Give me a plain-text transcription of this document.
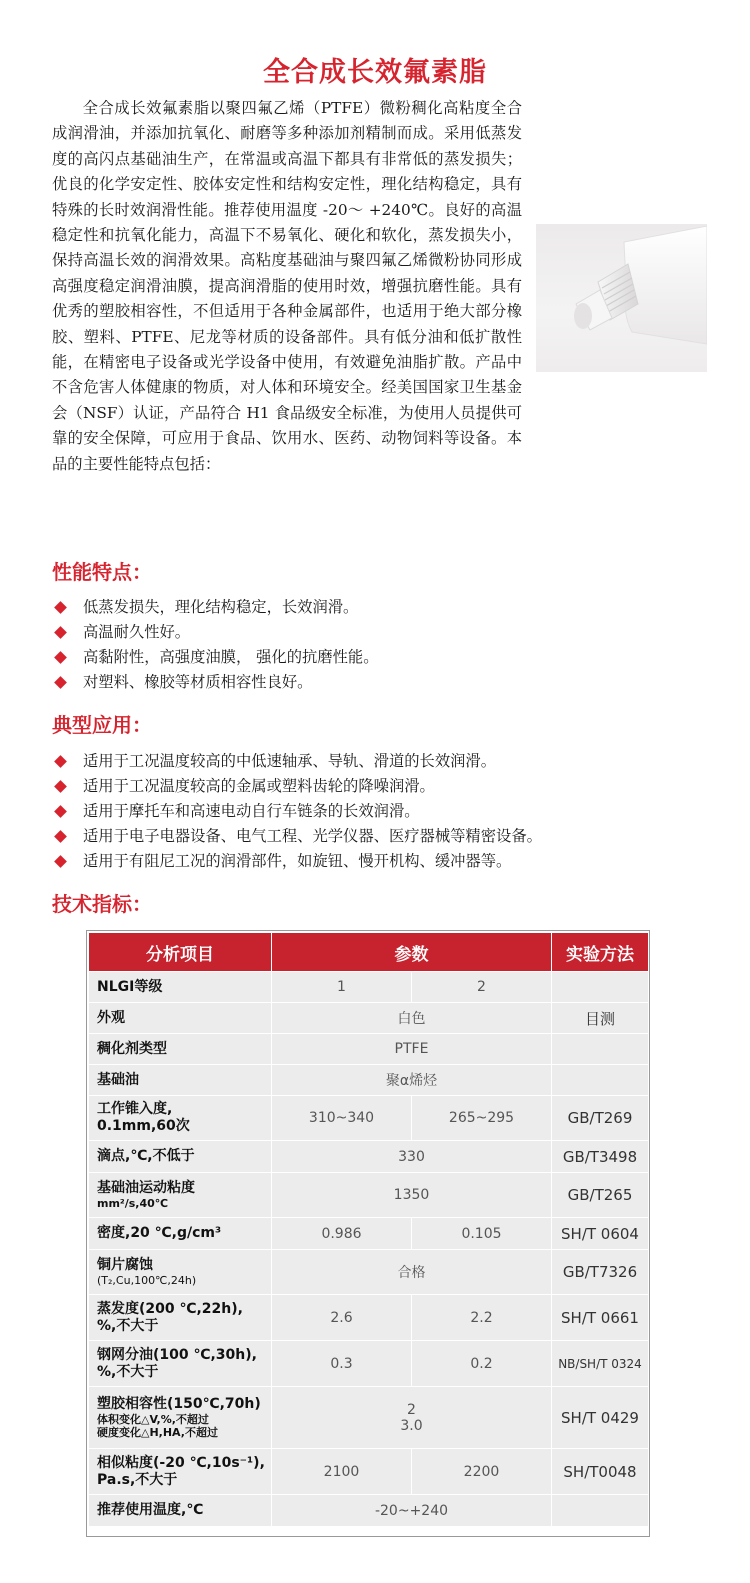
全合成长效氟素脂

全合成长效氟素脂以聚四氟乙烯（PTFE）微粉稠化高粘度全合成润滑油，并添加抗氧化、耐磨等多种添加剂精制而成。采用低蒸发度的高闪点基础油生产，在常温或高温下都具有非常低的蒸发损失；优良的化学安定性、胶体安定性和结构安定性，理化结构稳定，具有特殊的长时效润滑性能。推荐使用温度 -20～ +240℃。良好的高温稳定性和抗氧化能力，高温下不易氧化、硬化和软化，蒸发损失小，保持高温长效的润滑效果。高粘度基础油与聚四氟乙烯微粉协同形成高强度稳定润滑油膜，提高润滑脂的使用时效，增强抗磨性能。具有优秀的塑胶相容性，不但适用于各种金属部件，也适用于绝大部分橡胶、塑料、PTFE、尼龙等材质的设备部件。具有低分油和低扩散性能，在精密电子设备或光学设备中使用，有效避免油脂扩散。产品中不含危害人体健康的物质，对人体和环境安全。经美国国家卫生基金会（NSF）认证，产品符合 H1 食品级安全标准，为使用人员提供可靠的安全保障，可应用于食品、饮用水、医药、动物饲料等设备。本品的主要性能特点包括：

性能特点：
低蒸发损失，理化结构稳定，长效润滑。
高温耐久性好。
高黏附性，高强度油膜， 强化的抗磨性能。
对塑料、橡胶等材质相容性良好。
典型应用：
适用于工况温度较高的中低速轴承、导轨、滑道的长效润滑。
适用于工况温度较高的金属或塑料齿轮的降噪润滑。
适用于摩托车和高速电动自行车链条的长效润滑。
适用于电子电器设备、电气工程、光学仪器、医疗器械等精密设备。
适用于有阻尼工况的润滑部件，如旋钮、慢开机构、缓冲器等。
技术指标：
分析项目	参数		实验方法
NLGI等级	1	2	
外观	白色		目测
稠化剂类型	PTFE		
基础油	聚α烯烃		
工作锥入度,
0.1mm,60次	310~340	265~295	GB/T269
滴点,℃,不低于	330		GB/T3498
基础油运动粘度
mm²/s,40℃	1350		GB/T265
密度,20 ℃,g/cm³	0.986	0.105	SH/T 0604
铜片腐蚀
(T₂,Cu,100℃,24h)	合格		GB/T7326
蒸发度(200 ℃,22h),
%,不大于	2.6	2.2	SH/T 0661
钢网分油(100 ℃,30h),
%,不大于	0.3	0.2	NB/SH/T 0324
塑胶相容性(150℃,70h)
体积变化△V,%,不超过
硬度变化△H,HA,不超过	2
3.0		SH/T 0429
相似粘度(-20 ℃,10s⁻¹),
Pa.s,不大于	2100	2200	SH/T0048
推荐使用温度,℃	-20~+240		
